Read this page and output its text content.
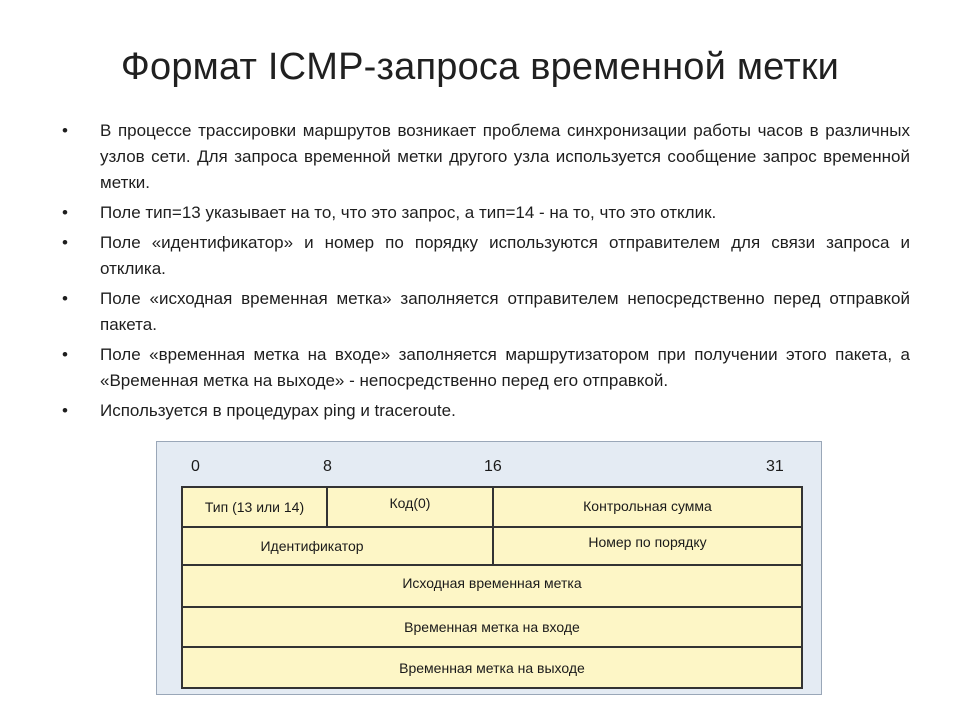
Формат ICMP-запроса временной метки
• В процессе трассировки маршрутов возникает проблема синхронизации работы часов в различных узлов сети. Для запроса временной метки другого узла используется сообщение запрос временной метки.
• Поле тип=13 указывает на то, что это запрос, а тип=14 - на то, что это отклик.
• Поле «идентификатор» и номер по порядку используются отправителем для связи запроса и отклика.
• Поле «исходная временная метка» заполняется отправителем непосредственно перед отправкой пакета.
• Поле «временная метка на входе» заполняется маршрутизатором при получении этого пакета, а «Временная метка на выходе» - непосредственно перед его отправкой.
• Используется в процедурах ping и traceroute.
0	8	16	31
Тип (13 или 14)	Код(0)	Контрольная сумма
Идентификатор	Номер по порядку
Исходная временная метка
Временная метка на входе
Временная метка на выходе
